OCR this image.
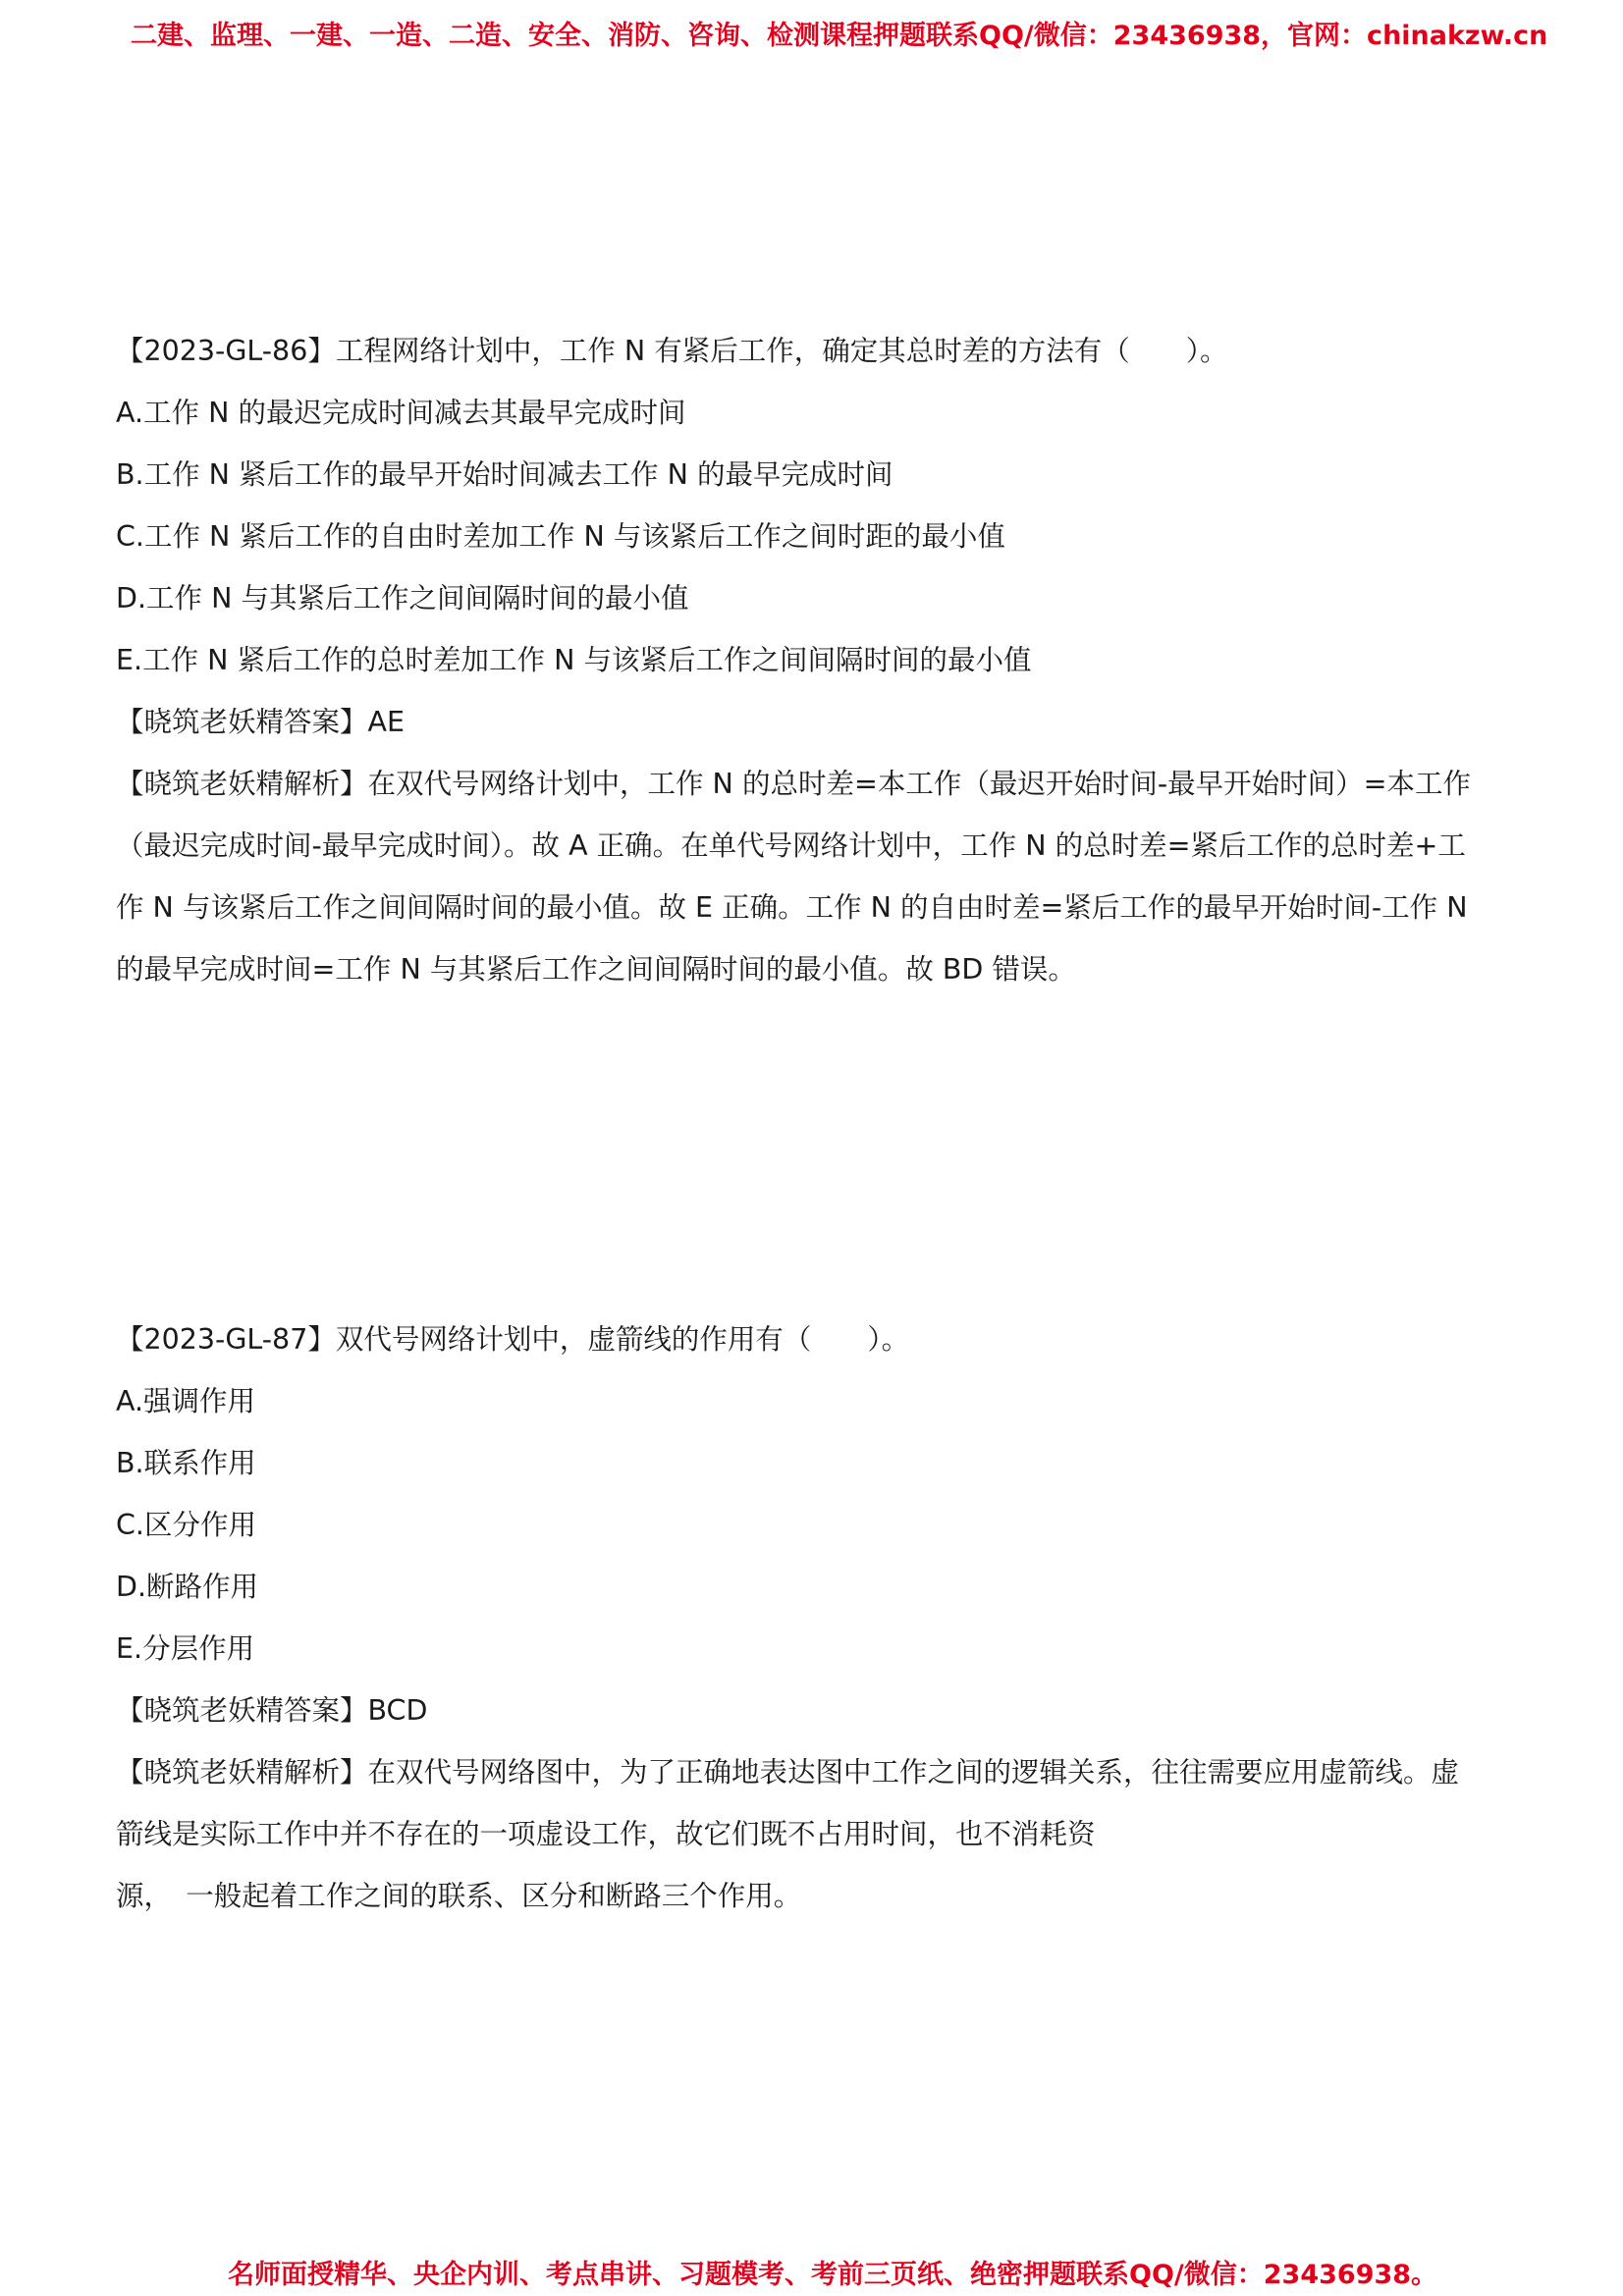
二建、监理、一建、一造、二造、安全、消防、咨询、检测课程押题联系QQ/微信：23436938，官网：chinakzw.cn
【2023-GL-86】工程网络计划中，工作 N 有紧后工作，确定其总时差的方法有（　　）。
A.工作 N 的最迟完成时间减去其最早完成时间
B.工作 N 紧后工作的最早开始时间减去工作 N 的最早完成时间
C.工作 N 紧后工作的自由时差加工作 N 与该紧后工作之间时距的最小值
D.工作 N 与其紧后工作之间间隔时间的最小值
E.工作 N 紧后工作的总时差加工作 N 与该紧后工作之间间隔时间的最小值
【晓筑老妖精答案】AE
【晓筑老妖精解析】在双代号网络计划中，工作 N 的总时差=本工作（最迟开始时间-最早开始时间）=本工作
（最迟完成时间-最早完成时间）。故 A 正确。在单代号网络计划中，工作 N 的总时差=紧后工作的总时差+工
作 N 与该紧后工作之间间隔时间的最小值。故 E 正确。工作 N 的自由时差=紧后工作的最早开始时间-工作 N
的最早完成时间=工作 N 与其紧后工作之间间隔时间的最小值。故 BD 错误。
【2023-GL-87】双代号网络计划中，虚箭线的作用有（　　）。
A.强调作用
B.联系作用
C.区分作用
D.断路作用
E.分层作用
【晓筑老妖精答案】BCD
【晓筑老妖精解析】在双代号网络图中，为了正确地表达图中工作之间的逻辑关系，往往需要应用虚箭线。虚
箭线是实际工作中并不存在的一项虚设工作，故它们既不占用时间，也不消耗资
源，　一般起着工作之间的联系、区分和断路三个作用。
名师面授精华、央企内训、考点串讲、习题模考、考前三页纸、绝密押题联系QQ/微信：23436938。
